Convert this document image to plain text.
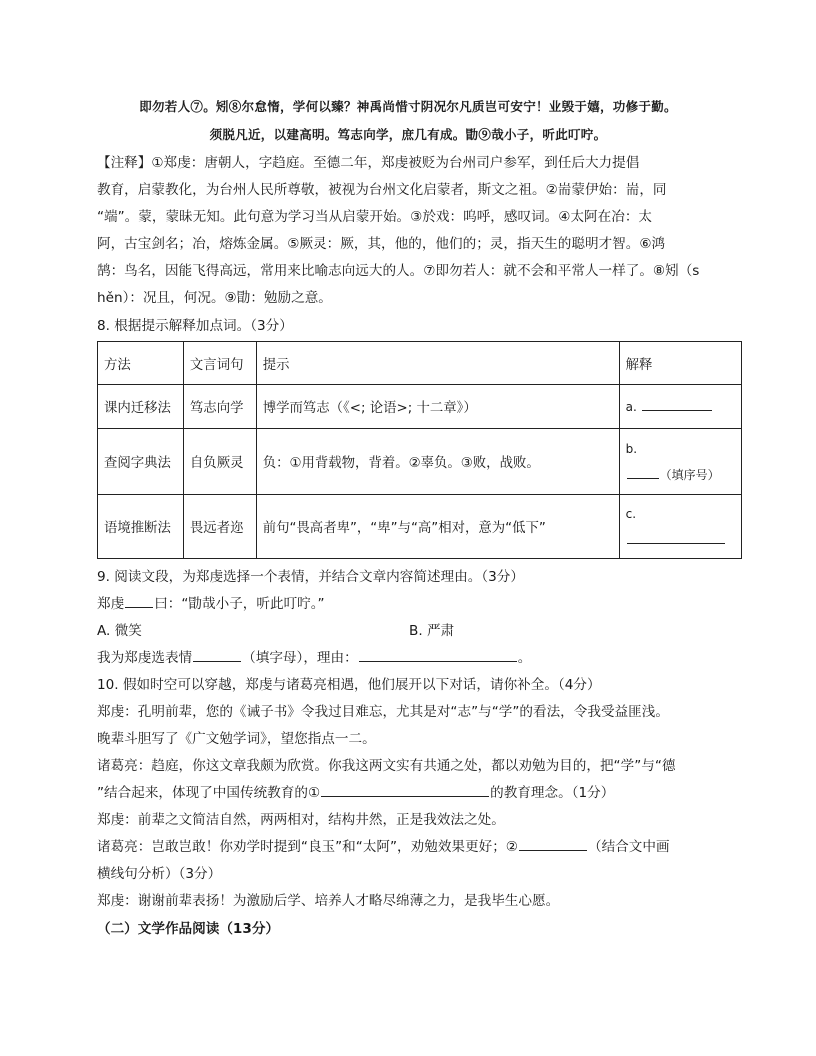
即勿若人⑦。矧⑧尔怠惰，学何以臻？神禹尚惜寸阴况尔凡质岂可安宁！业毁于嬉，功修于勤。
须脱凡近，以建高明。笃志向学，庶几有成。勖⑨哉小子，听此叮咛。
【注释】①郑虔：唐朝人，字趋庭。至德二年，郑虔被贬为台州司户参军，到任后大力提倡
教育，启蒙教化，为台州人民所尊敬，被视为台州文化启蒙者，斯文之祖。②耑蒙伊始：耑，同
“端”。蒙，蒙昧无知。此句意为学习当从启蒙开始。③於戏：呜呼，感叹词。④太阿在冶：太
阿，古宝剑名；冶，熔炼金属。⑤厥灵：厥，其，他的，他们的；灵，指天生的聪明才智。⑥鸿
鹄：鸟名，因能飞得高远，常用来比喻志向远大的人。⑦即勿若人：就不会和平常人一样了。⑧矧（s
hěn）：况且，何况。⑨勖：勉励之意。
8. 根据提示解释加点词。（3分）
方法	文言词句	提示	解释
课内迁移法	笃志向学	博学而笃志（《<; 论语>; 十二章》）	a.
查阅字典法	自负厥灵	负：①用背载物，背着。②辜负。③败，战败。	b.
（填序号）

语境推断法	畏远者迩	前句“畏高者卑”，“卑”与“高”相对，意为“低下”	c.
9. 阅读文段，为郑虔选择一个表情，并结合文章内容简述理由。（3分）
郑虔 曰：“勖哉小子，听此叮咛。”
A. 微笑	B. 严肃
我为郑虔选表情	（填字母），理由：	。
10. 假如时空可以穿越，郑虔与诸葛亮相遇，他们展开以下对话，请你补全。（4分）
郑虔：孔明前辈，您的《诫子书》令我过目难忘，尤其是对“志”与“学”的看法，令我受益匪浅。
晚辈斗胆写了《广文勉学词》，望您指点一二。
诸葛亮：趋庭，你这文章我颇为欣赏。你我这两文实有共通之处，都以劝勉为目的，把“学”与“德
”结合起来，体现了中国传统教育的①	的教育理念。（1分）
郑虔：前辈之文简洁自然，两两相对，结构井然，正是我效法之处。
诸葛亮：岂敢岂敢！你劝学时提到“良玉”和“太阿”，劝勉效果更好；②	（结合文中画
横线句分析）（3分）
郑虔：谢谢前辈表扬！为激励后学、培养人才略尽绵薄之力，是我毕生心愿。
（二）文学作品阅读（13分）
